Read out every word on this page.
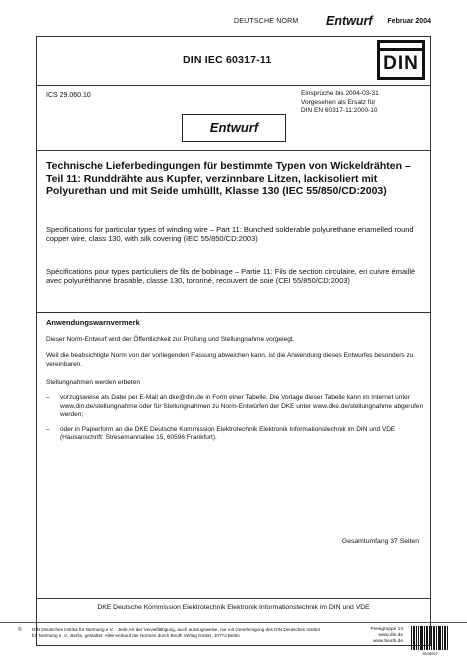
DEUTSCHE NORM Entwurf Februar 2004
DIN IEC 60317-11	DIN
ICS 29.060.10	Einsprüche bis 2004-03-31
Vorgesehen als Ersatz für
DIN EN 60317-11:2000-10
Entwurf
Technische Lieferbedingungen für bestimmte Typen von Wickeldrähten – Teil 11: Runddrähte aus Kupfer, verzinnbare Litzen, lackisoliert mit Polyurethan und mit Seide umhüllt, Klasse 130 (IEC 55/850/CD:2003)
Specifications for particular types of winding wire – Part 11: Bunched solderable polyurethane enamelled round copper wire, class 130, with silk covering (IEC 55/850/CD:2003)
Spécifications pour types particuliers de fils de bobinage – Partie 11: Fils de section circulaire, en cuivre émaillé avec polyuréthanne brasable, classe 130, toronné, recouvert de soie (CEI 55/850/CD:2003)
Anwendungswarnvermerk
Dieser Norm-Entwurf wird der Öffentlichkeit zur Prüfung und Stellungnahme vorgelegt.
Weil die beabsichtigte Norm von der vorliegenden Fassung abweichen kann, ist die Anwendung dieses Entwurfes besonders zu vereinbaren.
Stellungnahmen werden erbeten
– vorzugsweise als Datei per E-Mail an dke@din.de in Form einer Tabelle. Die Vorlage dieser Tabelle kann im Internet unter www.din.de/stellungnahme oder für Stellungnahmen zu Norm-Entwürfen der DKE unter www.dke.de/stellungnahme abgerufen werden;
– oder in Papierform an die DKE Deutsche Kommission Elektrotechnik Elektronik Informationstechnik im DIN und VDE (Hausanschrift: Stresemannallee 15, 60596 Frankfurt).
Gesamtumfang 37 Seiten
DKE Deutsche Kommission Elektrotechnik Elektronik Informationstechnik im DIN und VDE
© DIN Deutsches Institut für Normung e.V. · Jede Art der Vervielfältigung, auch auszugsweise, nur mit Genehmigung des DIN Deutsches Institut für Normung e. V., Berlin, gestattet. Alleinverkauf der Normen durch Beuth Verlag GmbH, 10772 Berlin
Preisgruppe 14
www.din.de
www.beuth.de
9538057
